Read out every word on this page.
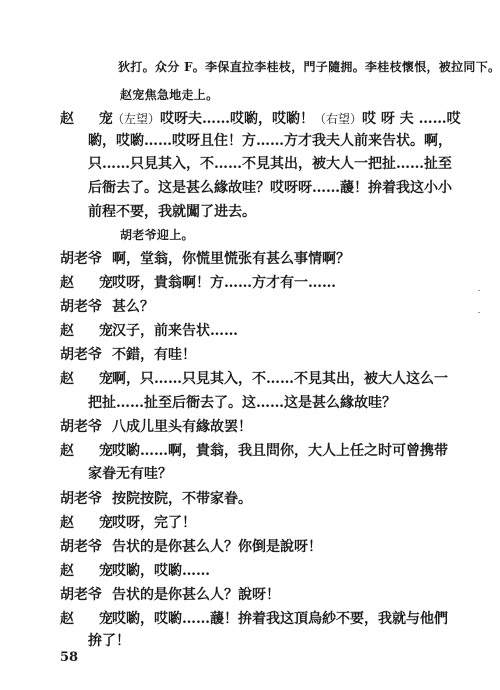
狄打。众分 F。李保直拉李桂枝，門子隨拥。李桂枝懷恨，被拉同下。
赵宠焦急地走上。
赵 宠（左望）哎呀夫……哎喲，哎喲！（右望）哎 呀 夫 ……哎
喲，哎喲……哎呀且住！方……方才我夫人前来告状。啊，
只……只見其入，不……不見其出，被大人一把扯……扯至
后衙去了。这是甚么緣故哇？哎呀呀……蘐！拚着我这小小
前程不要，我就闖了进去。
胡老爷迎上。
胡老爷 啊，堂翁，你慌里慌张有甚么事情啊？
赵 宠哎呀，貴翁啊！方……方才有一……
胡老爷 甚么？
赵 宠汉子，前来告状……
胡老爷 不錯，有哇！
赵 宠啊，只……只見其入，不……不見其出，被大人这么一
把扯……扯至后衙去了。这……这是甚么緣故哇？
胡老爷 八成儿里头有緣故罢！
赵 宠哎喲……啊，貴翁，我且問你，大人上任之时可曾携带
家眷无有哇？
胡老爷 按院按院，不带家眷。
赵 宠哎呀，完了！
胡老爷 告状的是你甚么人？你倒是說呀！
赵 宠哎喲，哎喲……
胡老爷 告状的是你甚么人？說呀！
赵 宠哎喲，哎喲……蘐！拚着我这頂烏紗不要，我就与他們
拚了！
58
